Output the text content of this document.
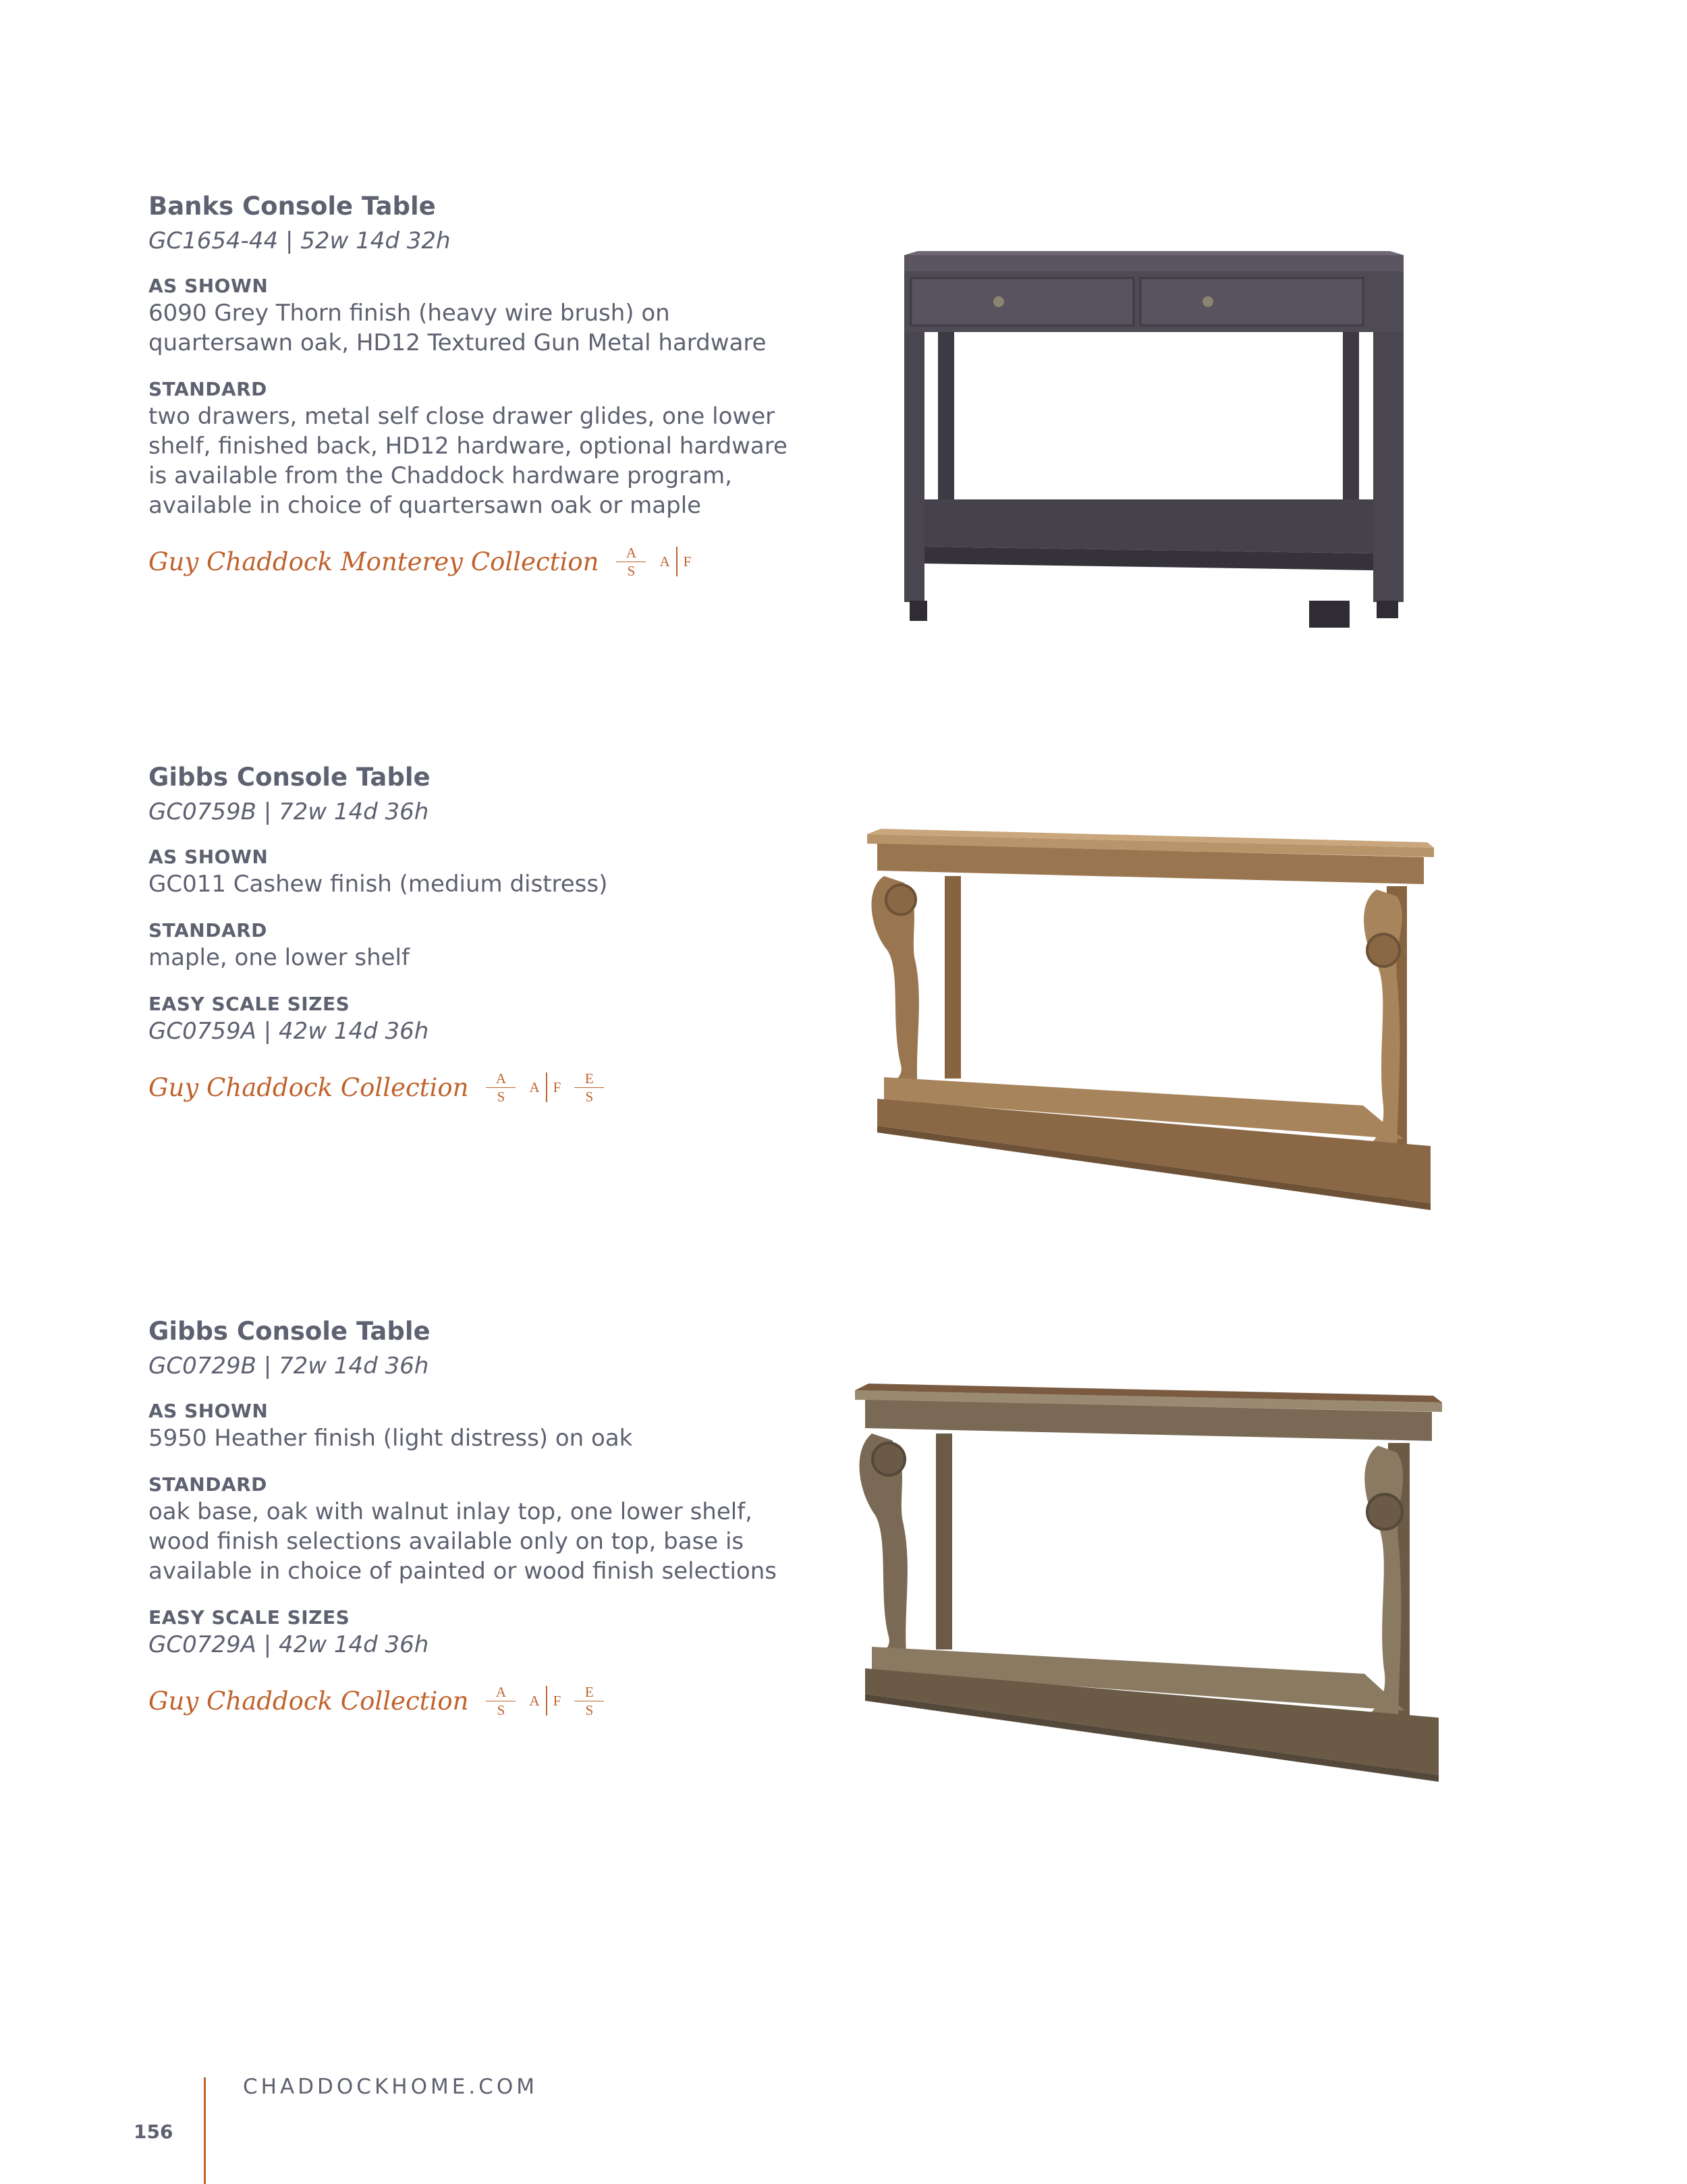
Banks Console Table
GC1654-44 | 52w 14d 32h
AS SHOWN
6090 Grey Thorn finish (heavy wire brush) on
quartersawn oak, HD12 Textured Gun Metal hardware
STANDARD
two drawers, metal self close drawer glides, one lower
shelf, finished back, HD12 hardware, optional hardware
is available from the Chaddock hardware program,
available in choice of quartersawn oak or maple
Guy Chaddock Monterey Collection $\frac{A}{S}$ A F
Gibbs Console Table
GC0759B | 72w 14d 36h
AS SHOWN
GC011 Cashew finish (medium distress)
STANDARD
maple, one lower shelf
EASY SCALE SIZES
GC0759A | 42w 14d 36h
Guy Chaddock Collection $\frac{A}{S}$ A F $\frac{E}{S}$
Gibbs Console Table
GC0729B | 72w 14d 36h
AS SHOWN
5950 Heather finish (light distress) on oak
STANDARD
oak base, oak with walnut inlay top, one lower shelf,
wood finish selections available only on top, base is
available in choice of painted or wood finish selections
EASY SCALE SIZES
GC0729A | 42w 14d 36h
Guy Chaddock Collection $\frac{A}{S}$ A F $\frac{E}{S}$
CHADDOCKHOME.COM
156
